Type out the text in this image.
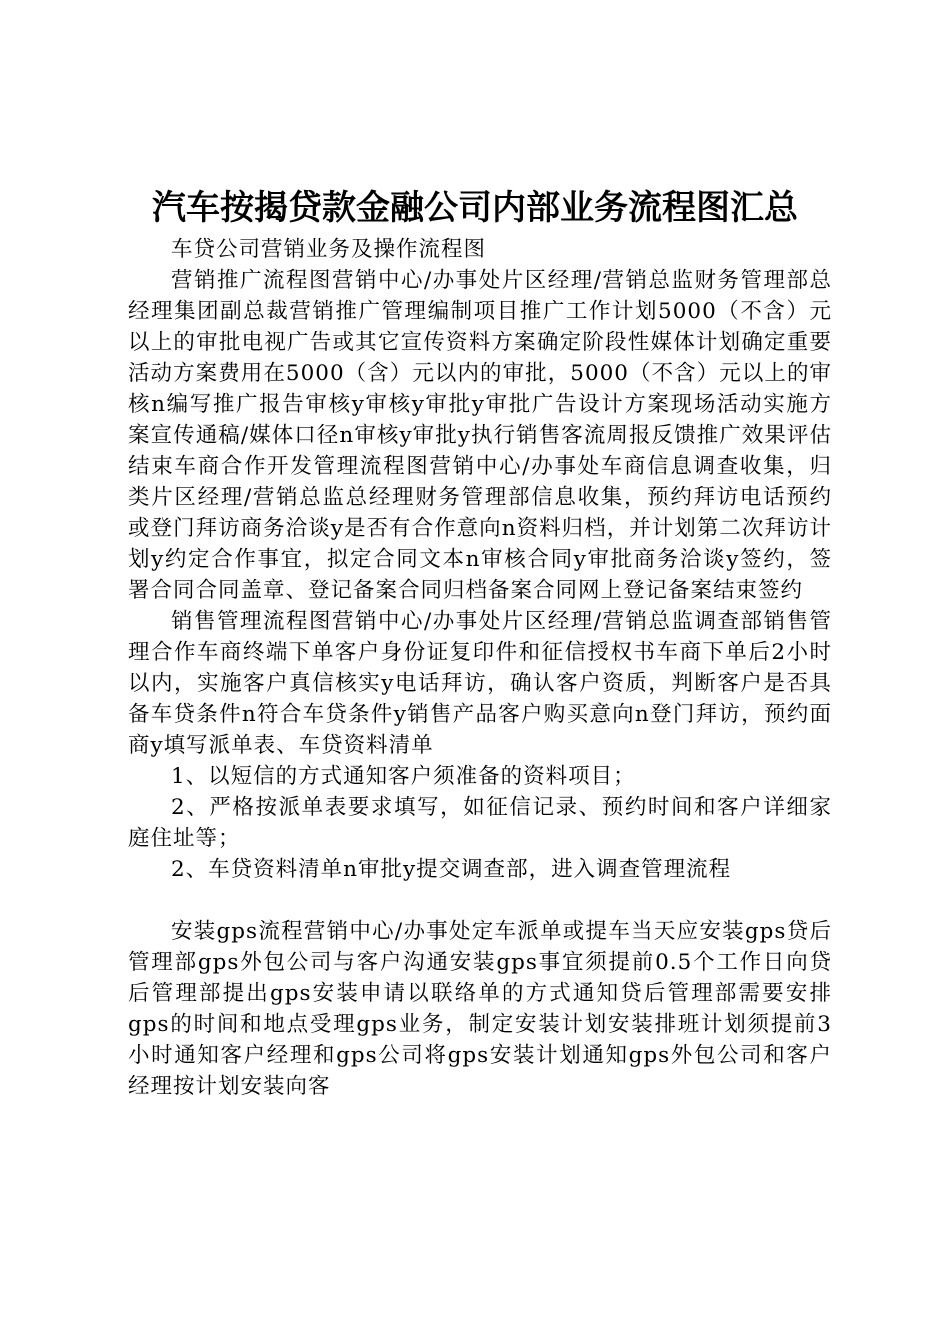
汽车按揭贷款金融公司内部业务流程图汇总

车贷公司营销业务及操作流程图

营销推广流程图营销中心/办事处片区经理/营销总监财务管理部总经理集团副总裁营销推广管理编制项目推广工作计划5000（不含）元以上的审批电视广告或其它宣传资料方案确定阶段性媒体计划确定重要活动方案费用在5000（含）元以内的审批，5000（不含）元以上的审核n编写推广报告审核y审核y审批y审批广告设计方案现场活动实施方案宣传通稿/媒体口径n审核y审批y执行销售客流周报反馈推广效果评估结束车商合作开发管理流程图营销中心/办事处车商信息调查收集，归类片区经理/营销总监总经理财务管理部信息收集，预约拜访电话预约或登门拜访商务洽谈y是否有合作意向n资料归档，并计划第二次拜访计划y约定合作事宜，拟定合同文本n审核合同y审批商务洽谈y签约，签署合同合同盖章、登记备案合同归档备案合同网上登记备案结束签约

销售管理流程图营销中心/办事处片区经理/营销总监调查部销售管理合作车商终端下单客户身份证复印件和征信授权书车商下单后2小时以内，实施客户真信核实y电话拜访，确认客户资质，判断客户是否具备车贷条件n符合车贷条件y销售产品客户购买意向n登门拜访，预约面商y填写派单表、车贷资料清单

1、以短信的方式通知客户须准备的资料项目；

2、严格按派单表要求填写，如征信记录、预约时间和客户详细家庭住址等；

2、车贷资料清单n审批y提交调查部，进入调查管理流程

安装gps流程营销中心/办事处定车派单或提车当天应安装gps贷后管理部gps外包公司与客户沟通安装gps事宜须提前0.5个工作日向贷后管理部提出gps安装申请以联络单的方式通知贷后管理部需要安排gps的时间和地点受理gps业务，制定安装计划安装排班计划须提前3小时通知客户经理和gps公司将gps安装计划通知gps外包公司和客户经理按计划安装向客
